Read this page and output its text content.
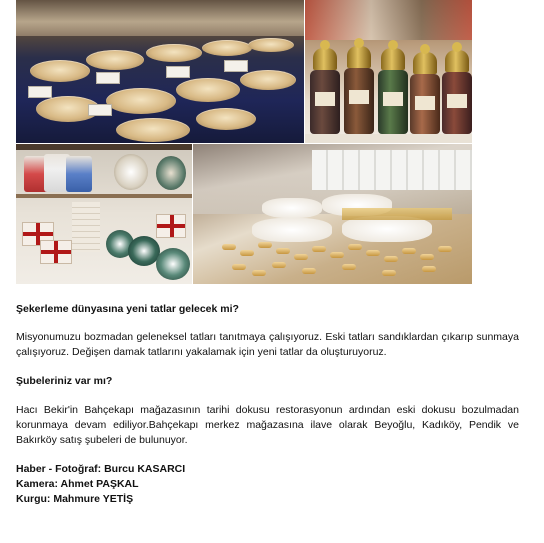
Şekerleme dünyasına yeni tatlar gelecek mi?
Misyonumuzu bozmadan geleneksel tatları tanıtmaya çalışıyoruz. Eski tatları sandıklardan çıkarıp sunmaya çalışıyoruz. Değişen damak tatlarını yakalamak için yeni tatlar da oluşturuyoruz.
Şubeleriniz var mı?
Hacı Bekir'in Bahçekapı mağazasının tarihi dokusu restorasyonun ardından eski dokusu bozulmadan korunmaya devam ediliyor.Bahçekapı merkez mağazasına ilave olarak Beyoğlu, Kadıköy, Pendik ve Bakırköy satış şubeleri de bulunuyor.
Haber - Fotoğraf: Burcu KASARCI
Kamera: Ahmet PAŞKAL
Kurgu: Mahmure YETİŞ
